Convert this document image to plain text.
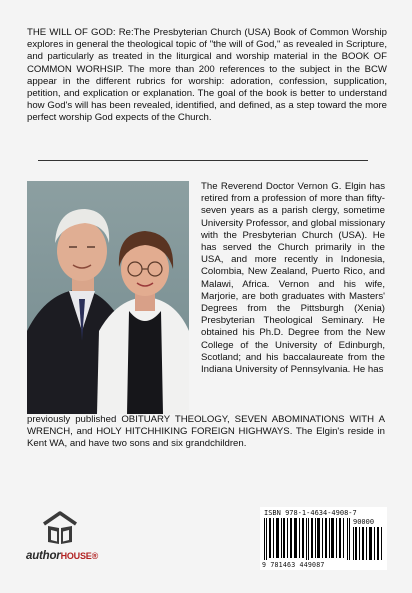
THE WILL OF GOD: Re:The Presbyterian Church (USA) Book of Common Worship explores in general the theological topic of "the will of God," as revealed in Scripture, and particularly as treated in the liturgical and worship material in the BOOK OF COMMON WORHSIP. The more than 200 references to the subject in the BCW appear in the different rubrics for worship: adoration, confession, supplication, petition, and explication or explanation. The goal of the book is better to understand how God's will has been revealed, identified, and defined, as a step toward the more perfect worship God expects of the Church.

The Reverend Doctor Vernon G. Elgin has retired from a profession of more than fifty-seven years as a parish clergy, sometime University Professor, and global missionary with the Presbyterian Church (USA). He has served the Church primarily in the USA, and more recently in Indonesia, Colombia, New Zealand, Puerto Rico, and Malawi, Africa. Vernon and his wife, Marjorie, are both graduates with Masters' Degrees from the Pittsburgh (Xenia) Presbyterian Theological Seminary. He obtained his Ph.D. Degree from the New College of the University of Edinburgh, Scotland; and his baccalaureate from the Indiana University of Pennsylvania. He has

previously published OBITUARY THEOLOGY, SEVEN ABOMINATIONS WITH A WRENCH, and HOLY HITCHHIKING FOREIGN HIGHWAYS. The Elgin's reside in Kent WA, and have two sons and six grandchildren.

authorHOUSE®
ISBN 978-1-4634-4908-7
90000
9 781463 449087
